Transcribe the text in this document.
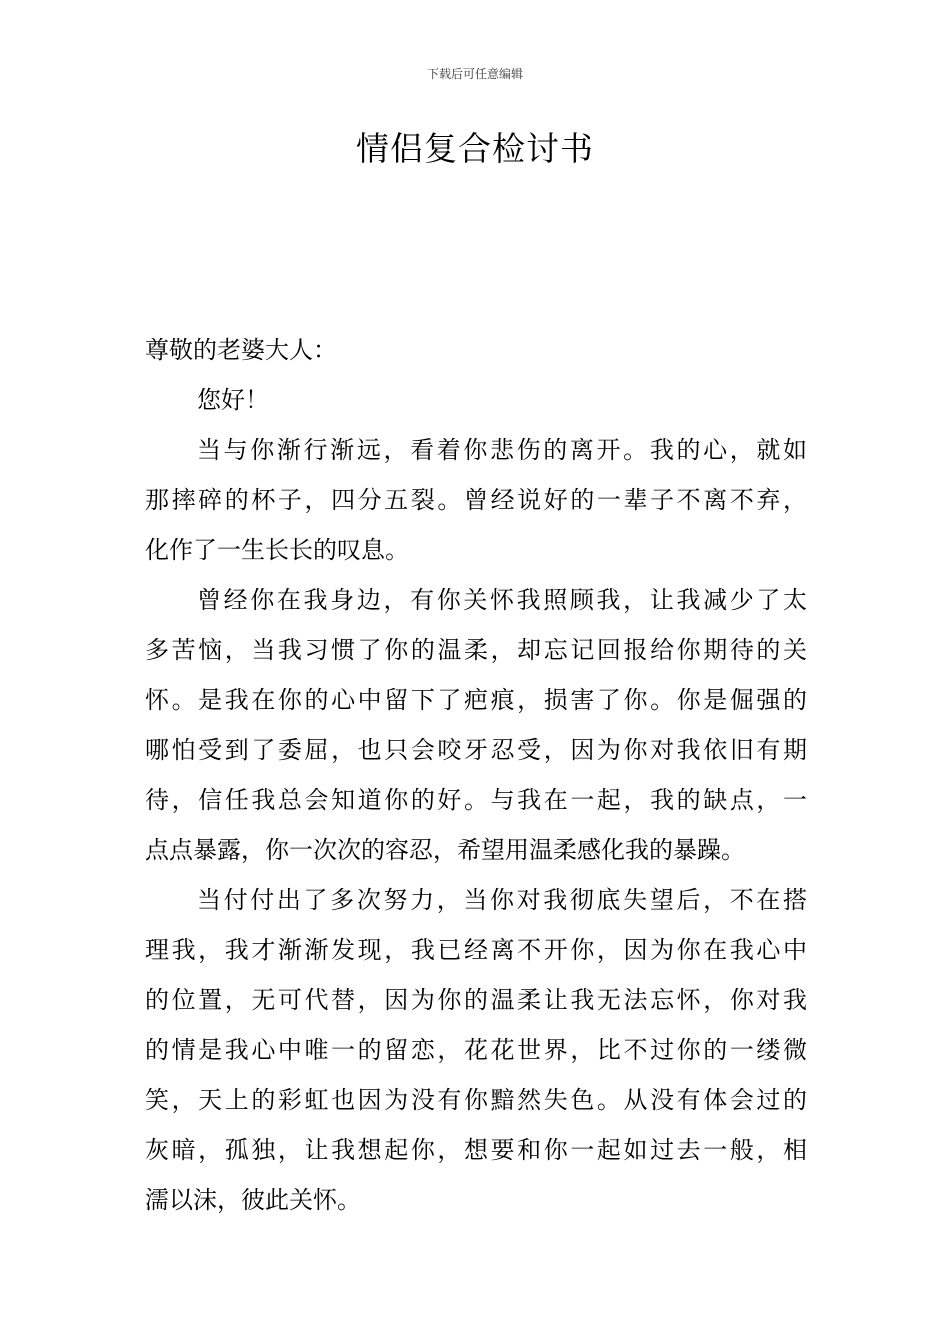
下载后可任意编辑
情侣复合检讨书
尊敬的老婆大人：
您好！
当与你渐行渐远，看着你悲伤的离开。我的心，就如
那摔碎的杯子，四分五裂。曾经说好的一辈子不离不弃，
化作了一生长长的叹息。
曾经你在我身边，有你关怀我照顾我，让我减少了太
多苦恼，当我习惯了你的温柔，却忘记回报给你期待的关
怀。是我在你的心中留下了疤痕，损害了你。你是倔强的
哪怕受到了委屈，也只会咬牙忍受，因为你对我依旧有期
待，信任我总会知道你的好。与我在一起，我的缺点，一
点点暴露，你一次次的容忍，希望用温柔感化我的暴躁。
当付付出了多次努力，当你对我彻底失望后，不在搭
理我，我才渐渐发现，我已经离不开你，因为你在我心中
的位置，无可代替，因为你的温柔让我无法忘怀，你对我
的情是我心中唯一的留恋，花花世界，比不过你的一缕微
笑，天上的彩虹也因为没有你黯然失色。从没有体会过的
灰暗，孤独，让我想起你，想要和你一起如过去一般，相
濡以沫，彼此关怀。
